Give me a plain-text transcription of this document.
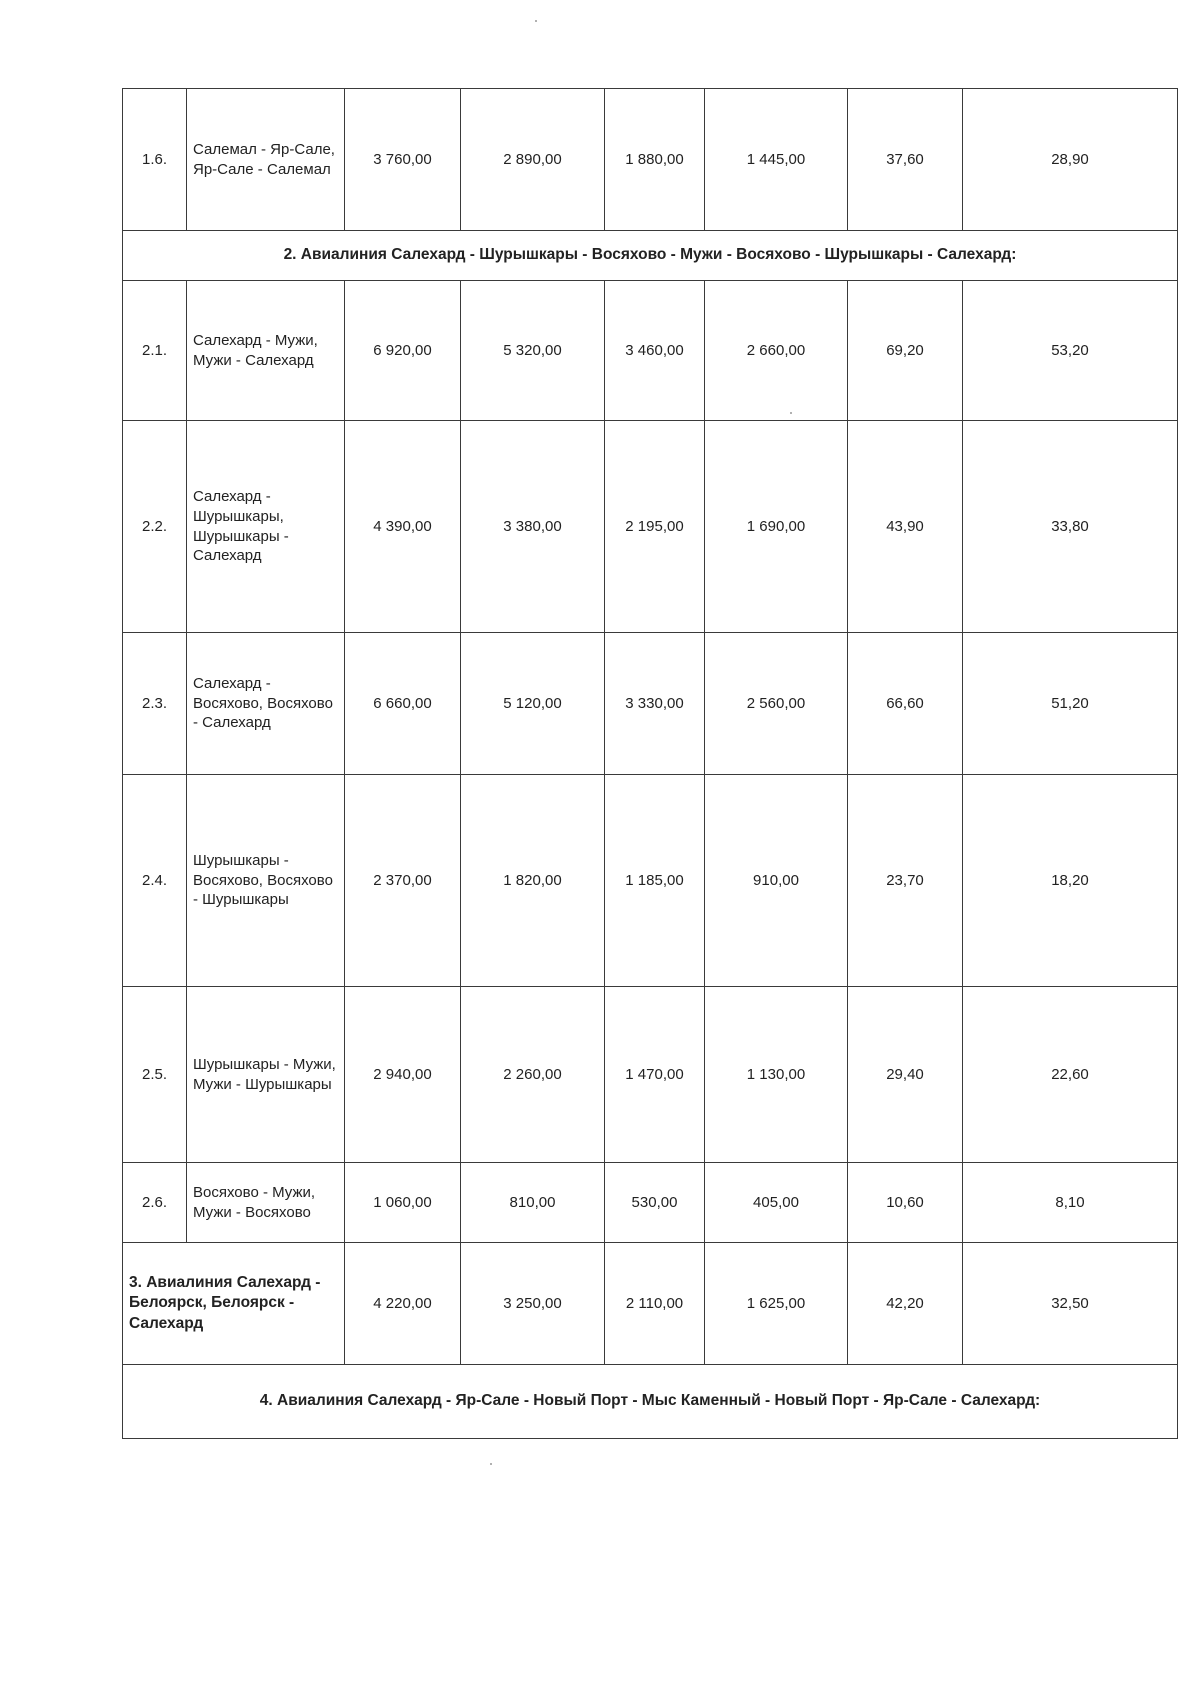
1.6.	Салемал - Яр-Сале, Яр-Сале - Салемал	3 760,00	2 890,00	1 880,00	1 445,00	37,60	28,90
2. Авиалиния Салехард - Шурышкары - Восяхово - Мужи - Восяхово - Шурышкары - Салехард:							
2.1.	Салехард - Мужи, Мужи - Салехард	6 920,00	5 320,00	3 460,00	2 660,00	69,20	53,20
2.2.	Салехард - Шурышкары, Шурышкары - Салехард	4 390,00	3 380,00	2 195,00	1 690,00	43,90	33,80
2.3.	Салехард - Восяхово, Восяхово - Салехард	6 660,00	5 120,00	3 330,00	2 560,00	66,60	51,20
2.4.	Шурышкары - Восяхово, Восяхово - Шурышкары	2 370,00	1 820,00	1 185,00	910,00	23,70	18,20
2.5.	Шурышкары - Мужи, Мужи - Шурышкары	2 940,00	2 260,00	1 470,00	1 130,00	29,40	22,60
2.6.	Восяхово - Мужи, Мужи - Восяхово	1 060,00	810,00	530,00	405,00	10,60	8,10
3. Авиалиния Салехард - Белоярск, Белоярск - Салехард		4 220,00	3 250,00	2 110,00	1 625,00	42,20	32,50
4. Авиалиния Салехард - Яр-Сале - Новый Порт - Мыс Каменный - Новый Порт - Яр-Сале - Салехард:							
